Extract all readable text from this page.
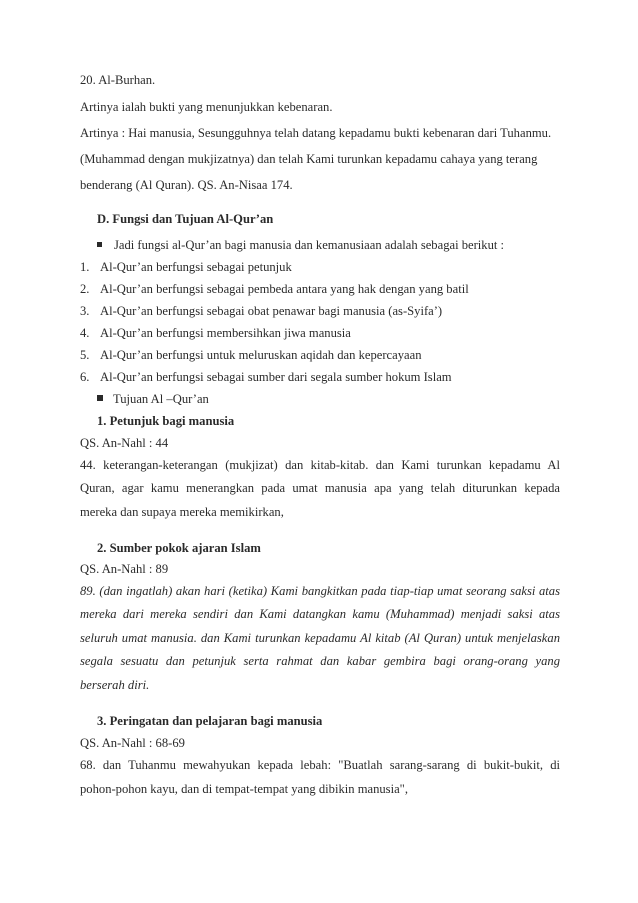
20. Al-Burhan.
Artinya ialah bukti yang menunjukkan kebenaran.
Artinya : Hai manusia, Sesungguhnya telah datang kepadamu bukti kebenaran dari Tuhanmu.
(Muhammad dengan mukjizatnya) dan telah Kami turunkan kepadamu cahaya yang terang
benderang (Al Quran). QS. An-Nisaa 174.
D. Fungsi dan Tujuan Al-Qur’an
Jadi fungsi al-Qur’an bagi manusia dan kemanusiaan adalah sebagai berikut :
1. Al-Qur’an berfungsi sebagai petunjuk
2. Al-Qur’an berfungsi sebagai pembeda antara yang hak dengan yang batil
3. Al-Qur’an berfungsi sebagai obat penawar bagi manusia (as-Syifa’)
4. Al-Qur’an berfungsi membersihkan jiwa manusia
5. Al-Qur’an berfungsi untuk meluruskan aqidah dan kepercayaan
6. Al-Qur’an berfungsi sebagai sumber dari segala sumber hokum Islam
Tujuan Al –Qur’an
1. Petunjuk bagi manusia
QS. An-Nahl : 44
44. keterangan-keterangan (mukjizat) dan kitab-kitab. dan Kami turunkan kepadamu Al
Quran, agar kamu menerangkan pada umat manusia apa yang telah diturunkan kepada
mereka dan supaya mereka memikirkan,
2. Sumber pokok ajaran Islam
QS. An-Nahl : 89
89. (dan ingatlah) akan hari (ketika) Kami bangkitkan pada tiap-tiap umat seorang saksi atas
mereka dari mereka sendiri dan Kami datangkan kamu (Muhammad) menjadi saksi atas
seluruh umat manusia. dan Kami turunkan kepadamu Al kitab (Al Quran) untuk menjelaskan
segala sesuatu dan petunjuk serta rahmat dan kabar gembira bagi orang-orang yang
berserah diri.
3. Peringatan dan pelajaran bagi manusia
QS. An-Nahl : 68-69
68. dan Tuhanmu mewahyukan kepada lebah: "Buatlah sarang-sarang di bukit-bukit, di
pohon-pohon kayu, dan di tempat-tempat yang dibikin manusia",
